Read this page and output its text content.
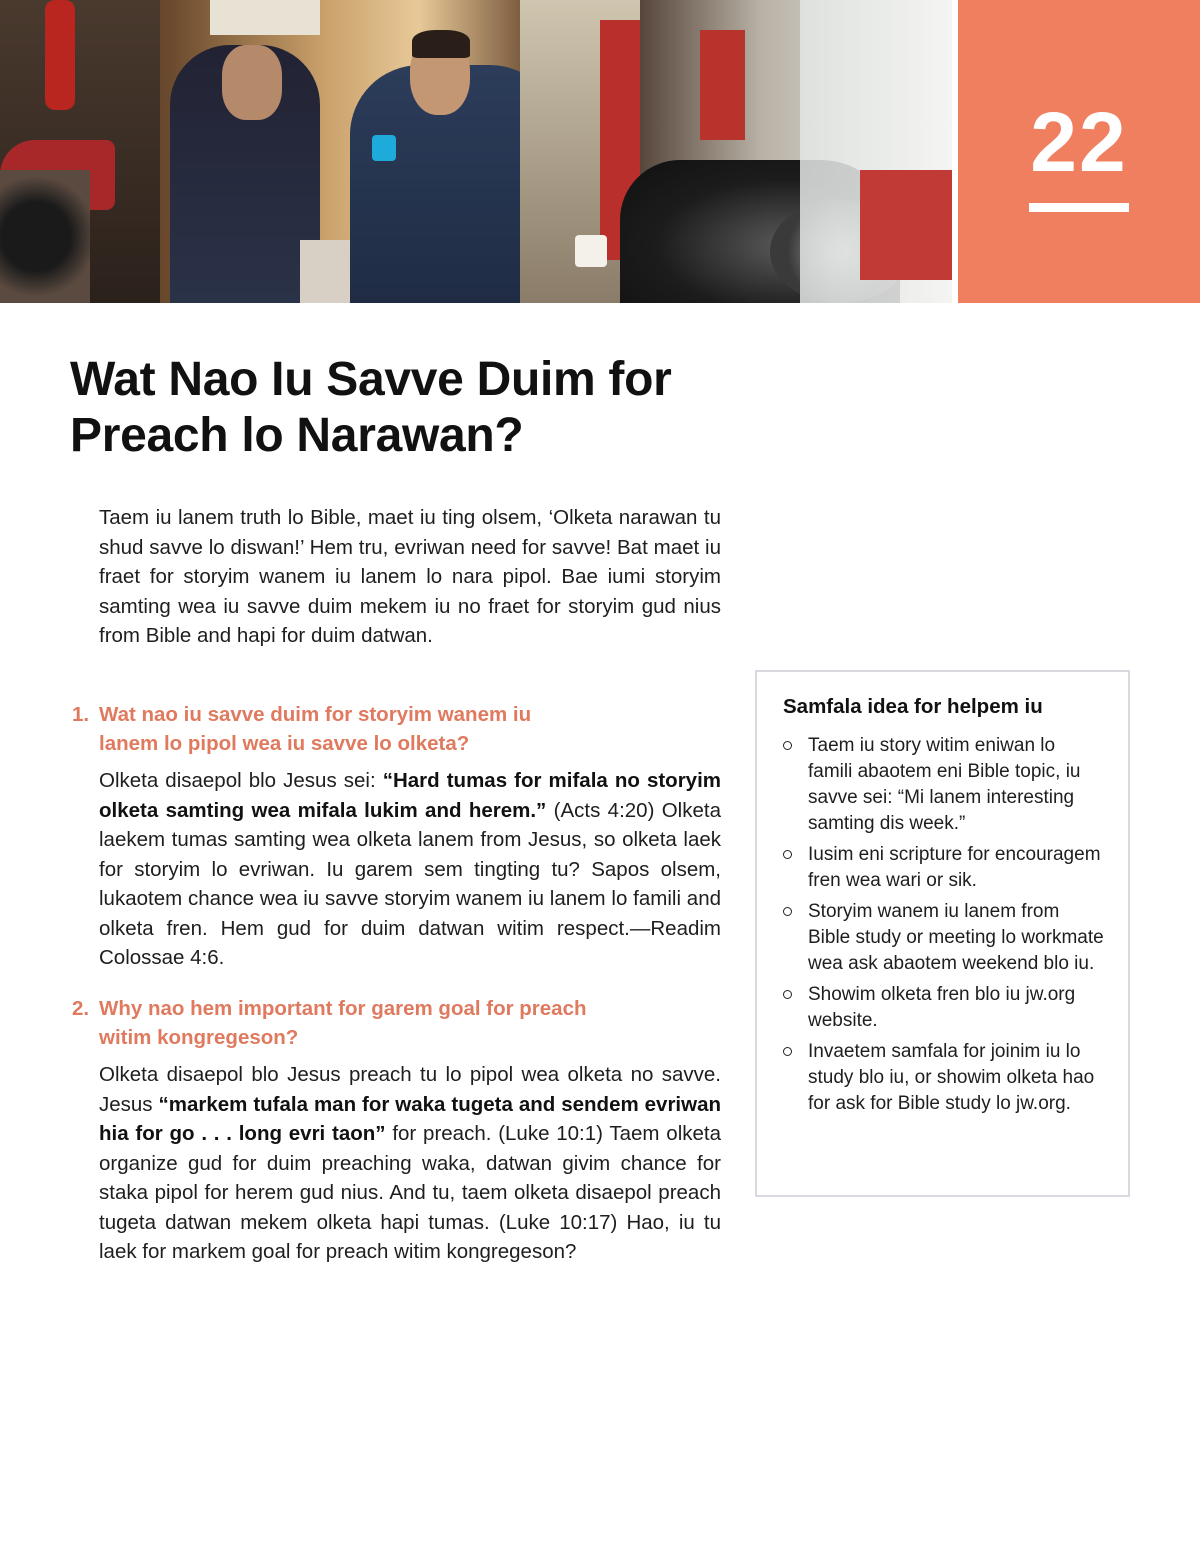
22
Wat Nao Iu Savve Duim for
Preach lo Narawan?

Taem iu lanem truth lo Bible, maet iu ting olsem, ‘Olketa narawan tu shud savve lo diswan!’ Hem tru, evriwan need for savve! Bat maet iu fraet for storyim wanem iu lanem lo nara pipol. Bae iumi storyim samting wea iu savve duim mekem iu no fraet for storyim gud nius from Bible and hapi for duim datwan.

1. Wat nao iu savve duim for storyim wanem iu
lanem lo pipol wea iu savve lo olketa?

Olketa disaepol blo Jesus sei: “Hard tumas for mifala no storyim olketa samting wea mifala lukim and herem.” (Acts 4:20) Olketa laekem tumas samting wea olketa lanem from Jesus, so olketa laek for storyim lo evriwan. Iu garem sem tingting tu? Sapos olsem, lukaotem chance wea iu savve storyim wanem iu lanem lo famili and olketa fren. Hem gud for duim datwan witim respect.—Readim Colossae 4:6.

2. Why nao hem important for garem goal for preach
witim kongregeson?

Olketa disaepol blo Jesus preach tu lo pipol wea olketa no savve. Jesus “markem tufala man for waka tugeta and sendem evriwan hia for go . . . long evri taon” for preach. (Luke 10:1) Taem olketa organize gud for duim preaching waka, datwan givim chance for staka pipol for herem gud nius. And tu, taem olketa disaepol preach tugeta datwan mekem olketa hapi tumas. (Luke 10:17) Hao, iu tu laek for markem goal for preach witim kongregeson?

Samfala idea for helpem iu
Taem iu story witim eniwan lo famili abaotem eni Bible topic, iu savve sei: “Mi lanem interesting samting dis week.”
Iusim eni scripture for encouragem fren wea wari or sik.
Storyim wanem iu lanem from Bible study or meeting lo workmate wea ask abaotem weekend blo iu.
Showim olketa fren blo iu jw.org website.
Invaetem samfala for joinim iu lo study blo iu, or showim olketa hao for ask for Bible study lo jw.org.
